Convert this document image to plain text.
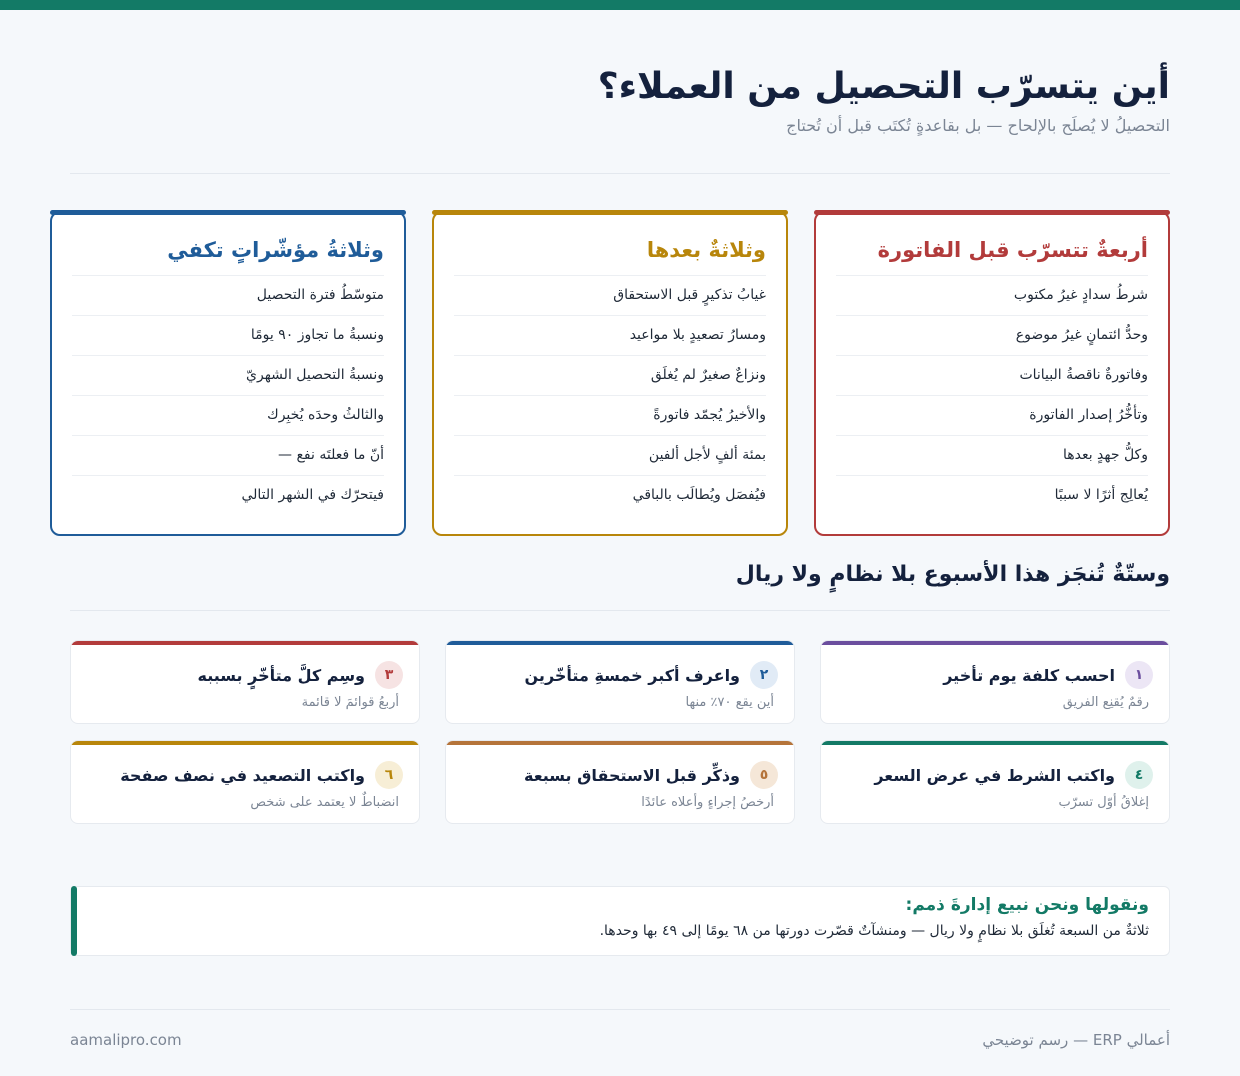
أين يتسرّب التحصيل من العملاء؟

التحصيلُ لا يُصلَح بالإلحاح — بل بقاعدةٍ تُكتَب قبل أن تُحتاج

أربعةٌ تتسرّب قبل الفاتورة
شرطُ سدادٍ غيرُ مكتوب
وحدُّ ائتمانٍ غيرُ موضوع
وفاتورةٌ ناقصةُ البيانات
وتأخُّرُ إصدار الفاتورة
وكلُّ جهدٍ بعدها
يُعالِج أثرًا لا سببًا
وثلاثةٌ بعدها
غيابُ تذكيرٍ قبل الاستحقاق
ومسارُ تصعيدٍ بلا مواعيد
ونزاعٌ صغيرٌ لم يُغلَق
والأخيرُ يُجمّد فاتورةً
بمئة ألفٍ لأجل ألفين
فيُفصَل ويُطالَب بالباقي
وثلاثةُ مؤشّراتٍ تكفي
متوسّطُ فترة التحصيل
ونسبةُ ما تجاوز ٩٠ يومًا
ونسبةُ التحصيل الشهريّ
والثالثُ وحدَه يُخبِرك
أنّ ما فعلتَه نفع —
فيتحرّك في الشهر التالي
وستّةٌ تُنجَز هذا الأسبوع بلا نظامٍ ولا ريال
١
احسب كلفة يوم تأخير
رقمٌ يُقنِع الفريق
٢
واعرف أكبر خمسةِ متأخّرين
أين يقع ٧٠٪ منها
٣
وسِم كلَّ متأخّرٍ بسببه
أربعُ قوائمَ لا قائمة
٤
واكتب الشرط في عرض السعر
إغلاقُ أوّل تسرّب
٥
وذكِّر قبل الاستحقاق بسبعة
أرخصُ إجراءٍ وأعلاه عائدًا
٦
واكتب التصعيد في نصف صفحة
انضباطٌ لا يعتمد على شخص
ونقولها ونحن نبيع إدارةَ ذمم:
ثلاثةٌ من السبعة تُغلَق بلا نظامٍ ولا ريال — ومنشآتٌ قصّرت دورتها من ٦٨ يومًا إلى ٤٩ بها وحدها.
أعمالي ERP — رسم توضيحي
aamalipro.com
